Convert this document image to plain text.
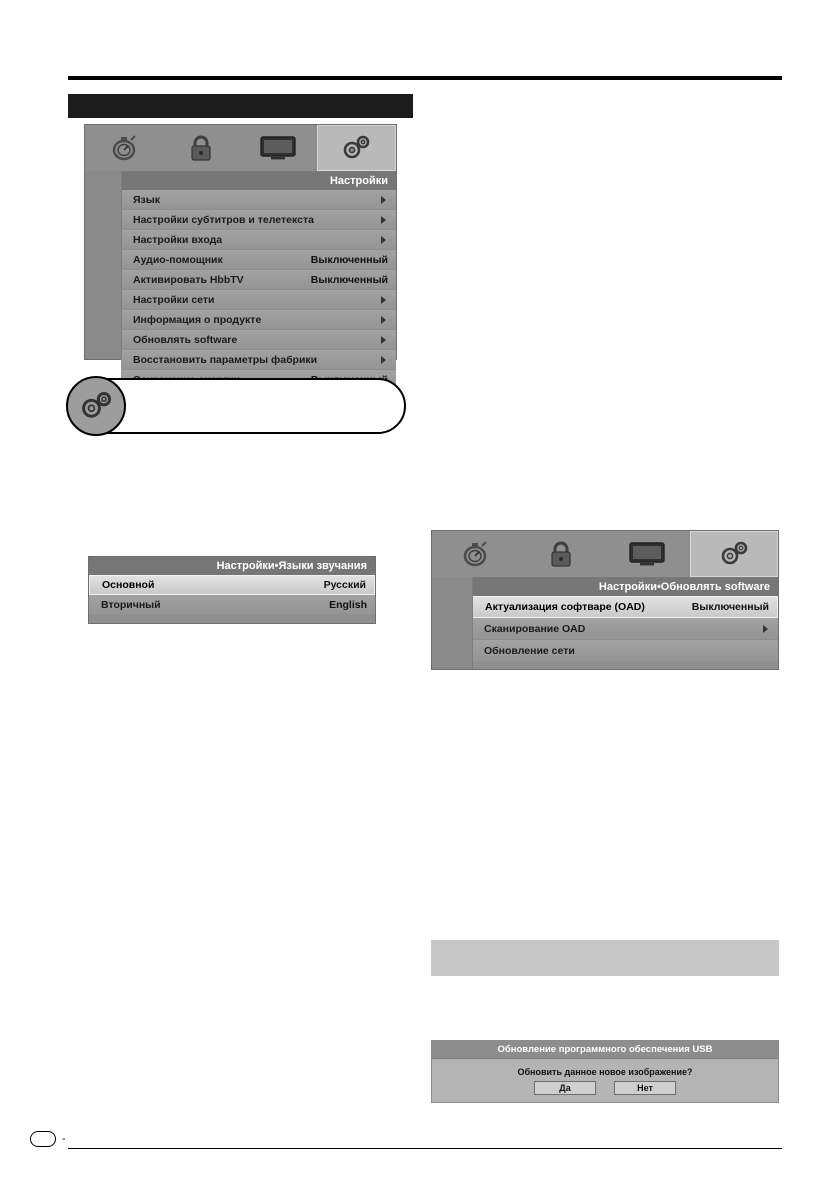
Настройки
Язык
Настройки субтитров и телетекста
Настройки входа
Аудио-помощник	Выключенный
Активировать HbbTV	Выключенный
Настройки сети
Информация о продукте
Обновлять software
Восстановить параметры фабрики
Настройки•Языки звучания
Основной	Русский
Вторичный	English
Настройки•Обновлять software
Актуализация софтваре (OAD)	Выключенный
Сканирование OAD
Обновление сети
Обновление программного обеспечения USB
Обновить данное новое изображение?
Да	Нет
-
